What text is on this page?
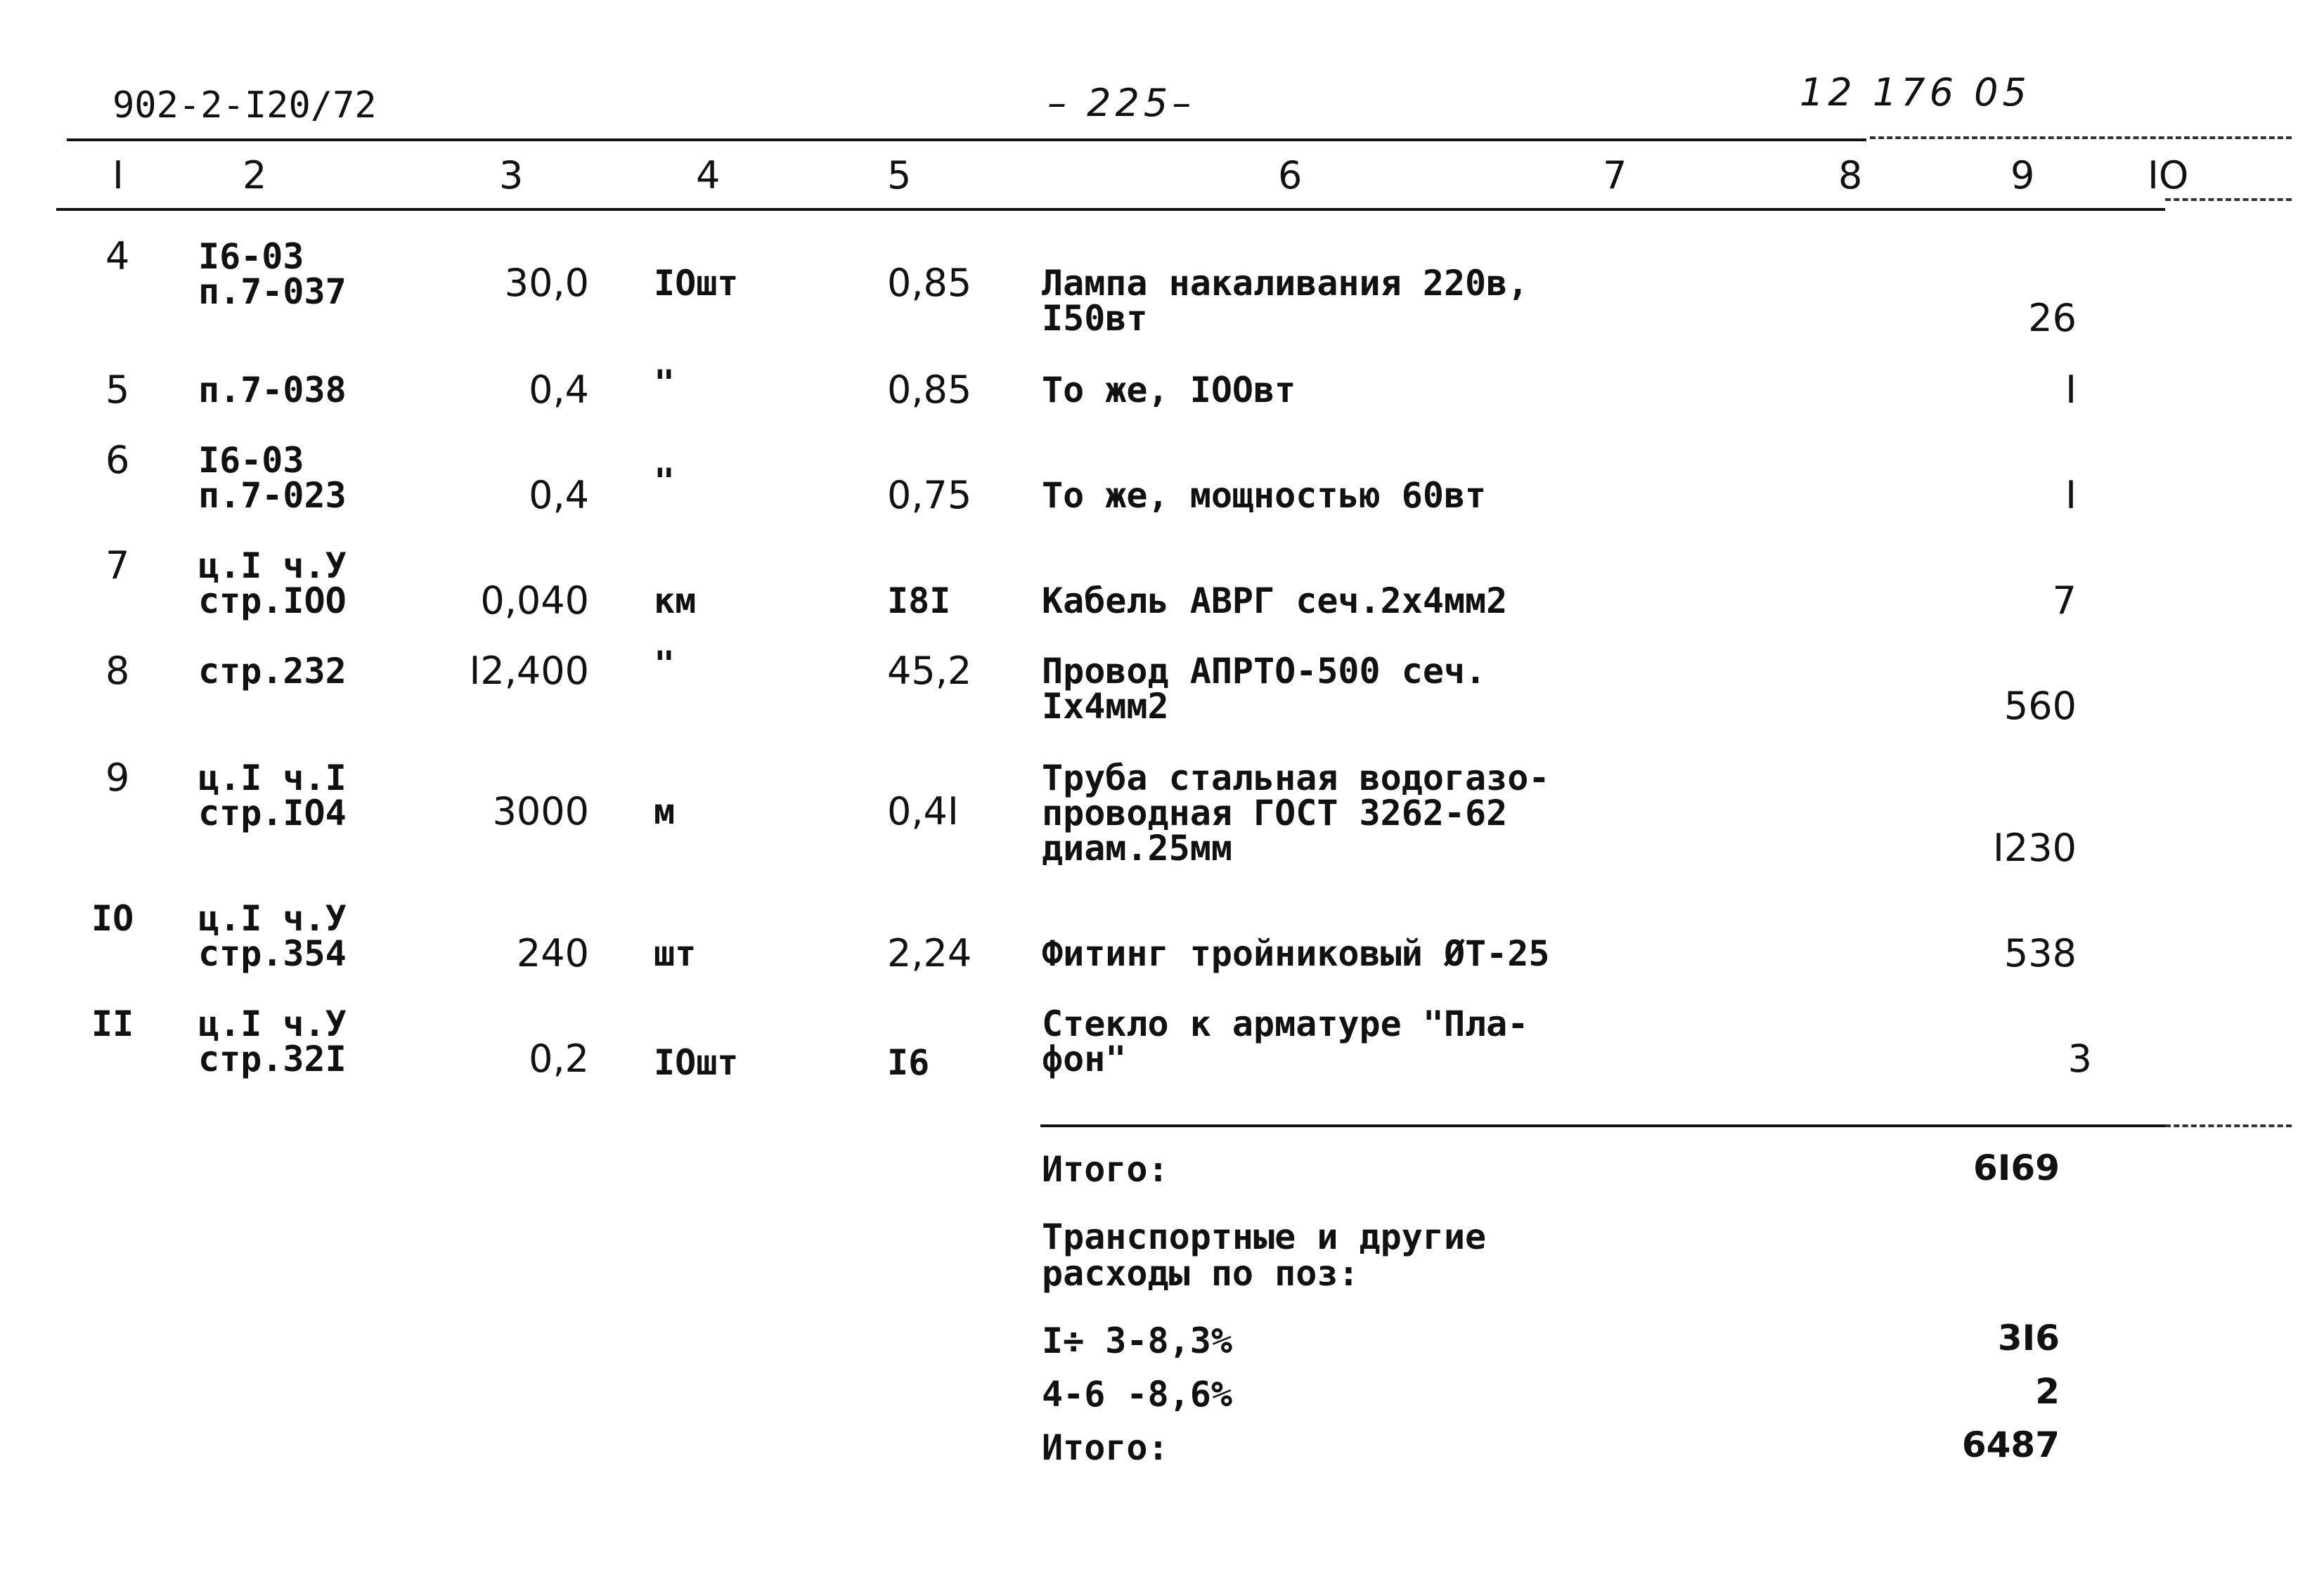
902-2-I20/72	– 225–	12 176 05
I	2	3	4	5	6	7	8	9	IO
4 I6-03
п.7-037	30,0 IOшт	0,85 Лампа накаливания 220в,
I50вт	26
5 п.7-038	0,4 "	0,85 То же, IOOвт	I
6 I6-03
п.7-023	0,4 "	0,75 То же, мощностью 60вт	I
7 ц.I ч.У
стр.IOO	0,040 км	I8I	Кабель АВРГ сеч.2х4мм2	7
8 стр.232	I2,400 "	45,2 Провод АПРТО-500 сеч.
Iх4мм2	560
9 ц.I ч.I
стр.IO4	3000 м	0,4I
Труба стальная водогазо-
проводная ГОСТ 3262-62
диам.25мм	I230
IO ц.I ч.У
стр.354	240 шт	2,24 Фитинг тройниковый ØТ-25	538
II ц.I ч.У
стр.32I	0,2 IOшт	I6
Стекло к арматуре "Пла-
фон"	3
Итого:	6I69
Транспортные и другие
расходы по поз:
I÷ 3-8,3%	3I6
4-6 -8,6%	2
Итого:	6487
